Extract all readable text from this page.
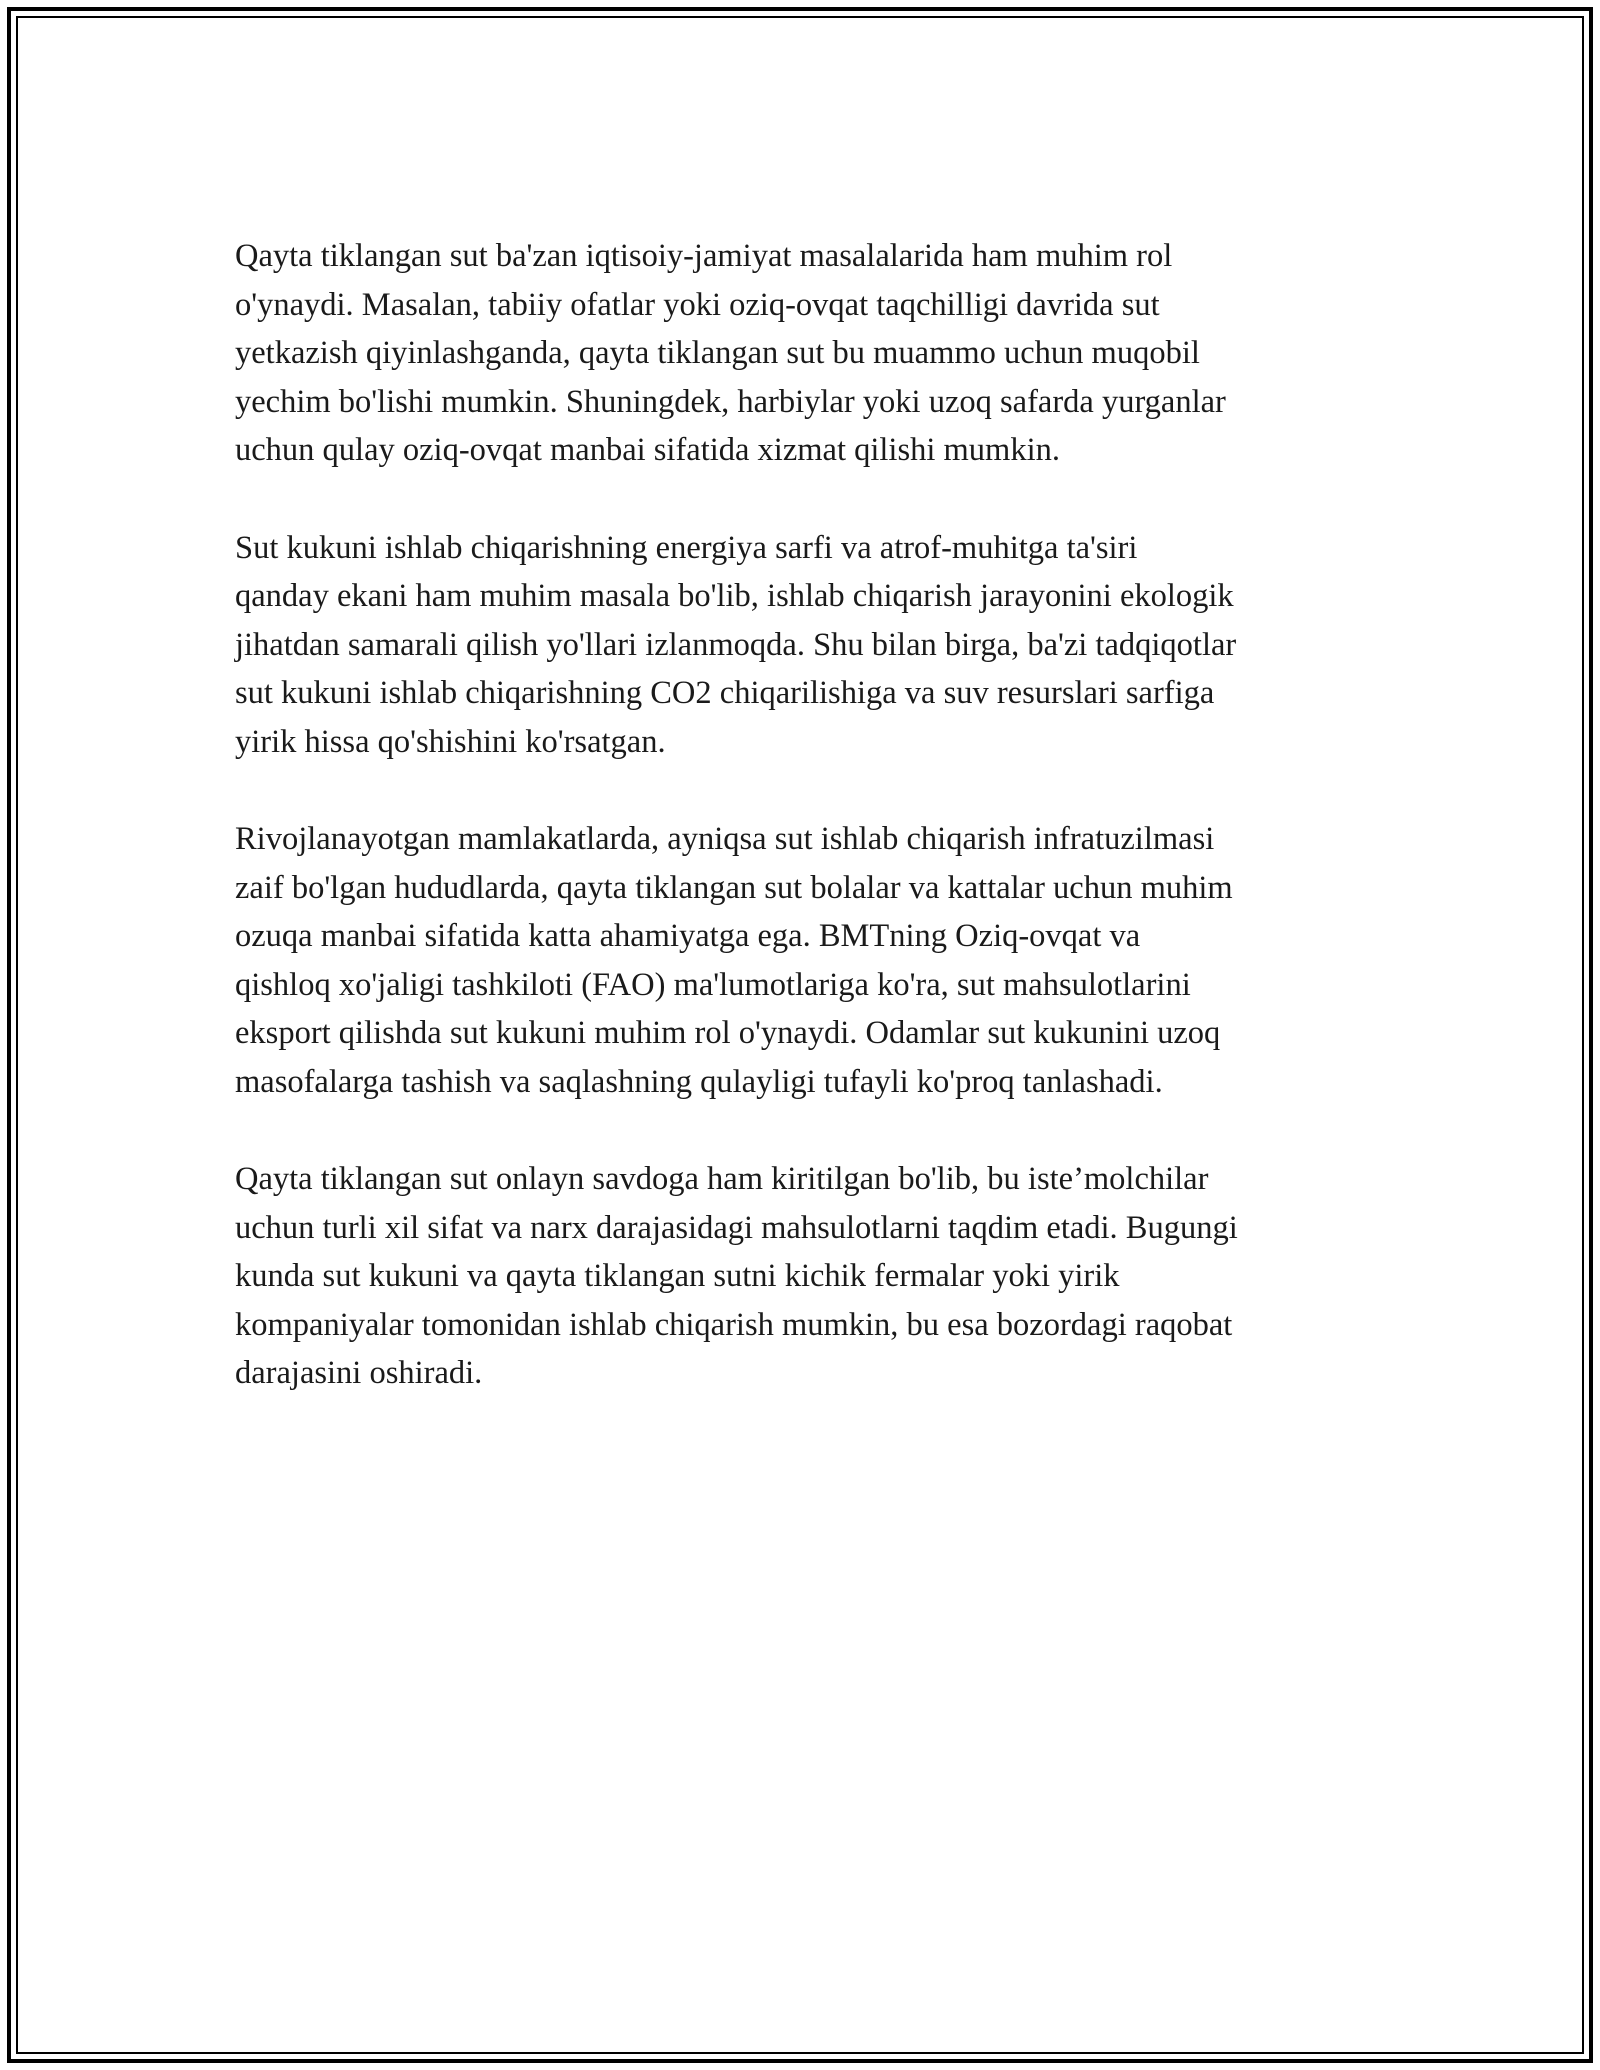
Qayta tiklangan sut ba'zan iqtisoiy-jamiyat masalalarida ham muhim rol
o'ynaydi. Masalan, tabiiy ofatlar yoki oziq-ovqat taqchilligi davrida sut
yetkazish qiyinlashganda, qayta tiklangan sut bu muammo uchun muqobil
yechim bo'lishi mumkin. Shuningdek, harbiylar yoki uzoq safarda yurganlar
uchun qulay oziq-ovqat manbai sifatida xizmat qilishi mumkin.

Sut kukuni ishlab chiqarishning energiya sarfi va atrof-muhitga ta'siri
qanday ekani ham muhim masala bo'lib, ishlab chiqarish jarayonini ekologik
jihatdan samarali qilish yo'llari izlanmoqda. Shu bilan birga, ba'zi tadqiqotlar
sut kukuni ishlab chiqarishning CO2 chiqarilishiga va suv resurslari sarfiga
yirik hissa qo'shishini ko'rsatgan.

Rivojlanayotgan mamlakatlarda, ayniqsa sut ishlab chiqarish infratuzilmasi
zaif bo'lgan hududlarda, qayta tiklangan sut bolalar va kattalar uchun muhim
ozuqa manbai sifatida katta ahamiyatga ega. BMTning Oziq-ovqat va
qishloq xo'jaligi tashkiloti (FAO) ma'lumotlariga ko'ra, sut mahsulotlarini
eksport qilishda sut kukuni muhim rol o'ynaydi. Odamlar sut kukunini uzoq
masofalarga tashish va saqlashning qulayligi tufayli ko'proq tanlashadi.

Qayta tiklangan sut onlayn savdoga ham kiritilgan bo'lib, bu iste’molchilar
uchun turli xil sifat va narx darajasidagi mahsulotlarni taqdim etadi. Bugungi
kunda sut kukuni va qayta tiklangan sutni kichik fermalar yoki yirik
kompaniyalar tomonidan ishlab chiqarish mumkin, bu esa bozordagi raqobat
darajasini oshiradi.
